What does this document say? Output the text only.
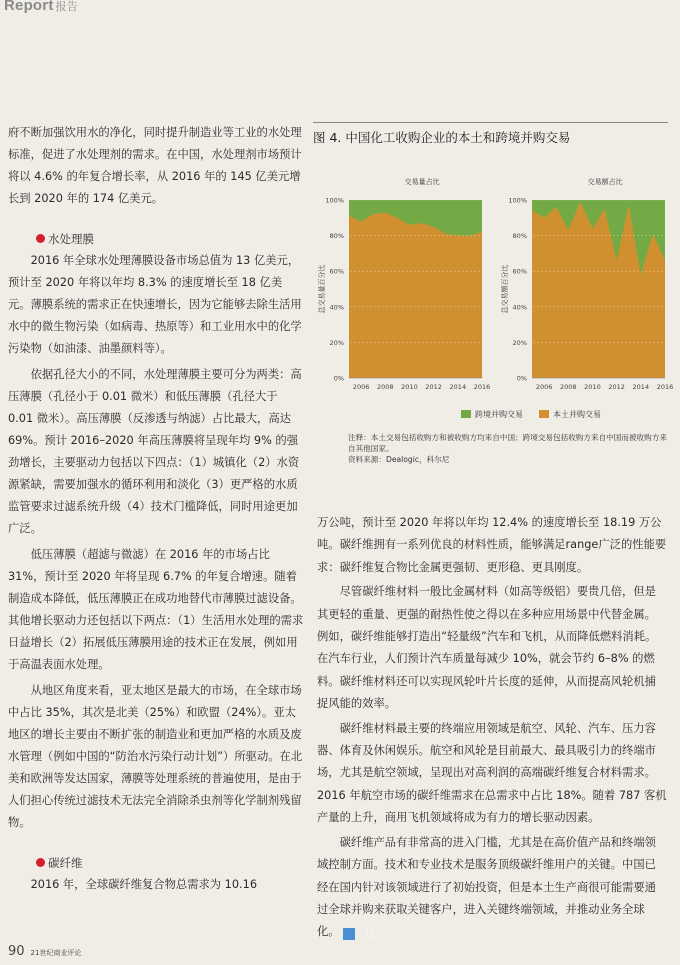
Report 报告

府不断加强饮用水的净化，同时提升制造业等工业的水处理标准，促进了水处理剂的需求。在中国，水处理剂市场预计将以 4.6% 的年复合增长率，从 2016 年的 145 亿美元增长到 2020 年的 174 亿美元。

水处理膜

2016 年全球水处理薄膜设备市场总值为 13 亿美元，预计至 2020 年将以年均 8.3% 的速度增长至 18 亿美元。薄膜系统的需求正在快速增长，因为它能够去除生活用水中的微生物污染（如病毒、热原等）和工业用水中的化学污染物（如油漆、油墨颜料等）。

依据孔径大小的不同，水处理薄膜主要可分为两类：高压薄膜（孔径小于 0.01 微米）和低压薄膜（孔径大于 0.01 微米）。高压薄膜（反渗透与纳滤）占比最大，高达 69%。预计 2016–2020 年高压薄膜将呈现年均 9% 的强劲增长，主要驱动力包括以下四点：（1）城镇化（2）水资源紧缺，需要加强水的循环利用和淡化（3）更严格的水质监管要求过滤系统升级（4）技术门槛降低，同时用途更加广泛。

低压薄膜（超滤与微滤）在 2016 年的市场占比 31%，预计至 2020 年将呈现 6.7% 的年复合增速。随着制造成本降低，低压薄膜正在成功地替代市薄膜过滤设备。其他增长驱动力还包括以下两点：（1）生活用水处理的需求日益增长（2）拓展低压薄膜用途的技术正在发展，例如用于高温表面水处理。

从地区角度来看，亚太地区是最大的市场，在全球市场中占比 35%，其次是北美（25%）和欧盟（24%）。亚太地区的增长主要由不断扩张的制造业和更加严格的水质及废水管理（例如中国的“防治水污染行动计划”）所驱动。在北美和欧洲等发达国家，薄膜等处理系统的普遍使用，是由于人们担心传统过滤技术无法完全消除杀虫剂等化学制剂残留物。

碳纤维

2016 年，全球碳纤维复合物总需求为 10.16

图 4. 中国化工收购企业的本土和跨境并购交易
0%
20%
40%
60%
80%
100%
2006 2008 2010 2012 2014 2016
交易量占比
总交易量百分比
0%
20%
40%
60%
80%
100%
2006 2008 2010 2012 2014 2016
交易额占比
总交易额百分比
跨境并购交易	本土并购交易
注释：本土交易包括收购方和被收购方均来自中国；跨境交易包括收购方来自中国而被收购方来自其他国家。
资料来源：Dealogic，科尔尼

万公吨，预计至 2020 年将以年均 12.4% 的速度增长至 18.19 万公吨。碳纤维拥有一系列优良的材料性质，能够满足range广泛的性能要求：碳纤维复合物比金属更强韧、更形稳、更具刚度。

尽管碳纤维材料一般比金属材料（如高等级铝）要贵几倍，但是其更轻的重量、更强的耐热性使之得以在多种应用场景中代替金属。例如，碳纤维能够打造出“轻量级”汽车和飞机，从而降低燃料消耗。在汽车行业，人们预计汽车质量每减少 10%，就会节约 6–8% 的燃料。碳纤维材料还可以实现风轮叶片长度的延伸，从而提高风轮机捕捉风能的效率。

碳纤维材料最主要的终端应用领域是航空、风轮、汽车、压力容器、体育及休闲娱乐。航空和风轮是目前最大、最具吸引力的终端市场，尤其是航空领域，呈现出对高利润的高端碳纤维复合材料需求。2016 年航空市场的碳纤维需求在总需求中占比 18%。随着 787 客机产量的上升，商用飞机领域将成为有力的增长驱动因素。

碳纤维产品有非常高的进入门槛，尤其是在高价值产品和终端领域控制方面。技术和专业技术是服务顶级碳纤维用户的关键。中国已经在国内针对该领域进行了初始投资，但是本土生产商很可能需要通过全球并购来获取关键客户，进入关键终端领域，并推动业务全球化。	已

90 21世纪商业评论
